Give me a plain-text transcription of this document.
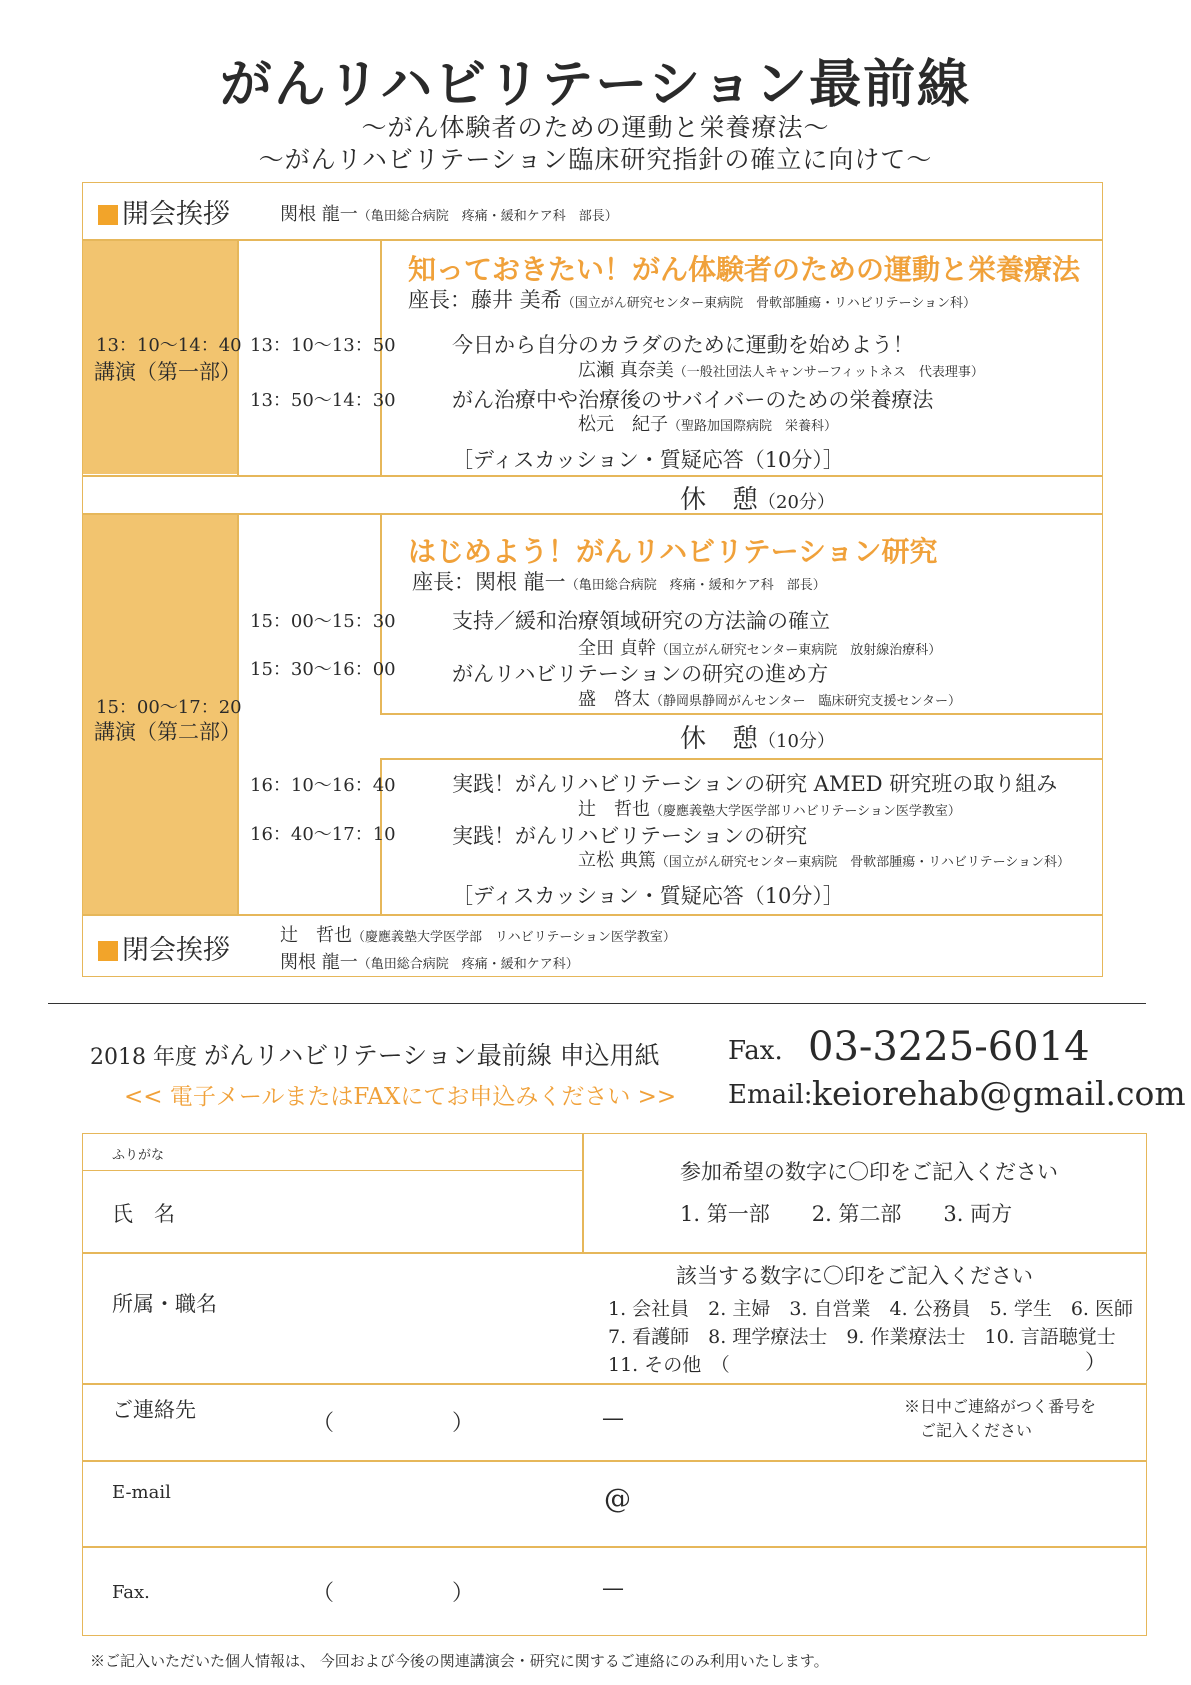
がんリハビリテーション最前線
〜がん体験者のための運動と栄養療法〜
〜がんリハビリテーション臨床研究指針の確立に向けて〜
開会挨拶	関根 龍一（亀田総合病院　疼痛・緩和ケア科　部長）
13：10〜14：40
講演（第一部）
知っておきたい！がん体験者のための運動と栄養療法
座長：藤井 美希（国立がん研究センター東病院　骨軟部腫瘍・リハビリテーション科）
13：10〜13：50	今日から自分のカラダのために運動を始めよう！
広瀬 真奈美（一般社団法人キャンサーフィットネス　代表理事）
13：50〜14：30	がん治療中や治療後のサバイバーのための栄養療法
松元　紀子（聖路加国際病院　栄養科）
［ディスカッション・質疑応答（10分）］
休　憩（20分）
15：00〜17：20
講演（第二部）
はじめよう！がんリハビリテーション研究
座長：関根 龍一（亀田総合病院　疼痛・緩和ケア科　部長）
15：00〜15：30	支持／緩和治療領域研究の方法論の確立
全田 貞幹（国立がん研究センター東病院　放射線治療科）
15：30〜16：00	がんリハビリテーションの研究の進め方
盛　啓太（静岡県静岡がんセンター　臨床研究支援センター）
休　憩（10分）
16：10〜16：40	実践！がんリハビリテーションの研究 AMED 研究班の取り組み
辻　哲也（慶應義塾大学医学部リハビリテーション医学教室）
16：40〜17：10	実践！がんリハビリテーションの研究
立松 典篤（国立がん研究センター東病院　骨軟部腫瘍・リハビリテーション科）
［ディスカッション・質疑応答（10分）］
閉会挨拶	辻　哲也（慶應義塾大学医学部　リハビリテーション医学教室）
関根 龍一（亀田総合病院　疼痛・緩和ケア科）
2018 年度 がんリハビリテーション最前線 申込用紙
<< 電子メールまたはFAXにてお申込みください >>
Fax. 03-3225-6014
Email: keiorehab@gmail.com
ふりがな
氏　名
参加希望の数字に〇印をご記入ください
1. 第一部　　2. 第二部　　3. 両方
所属・職名
該当する数字に〇印をご記入ください
1. 会社員　2. 主婦　3. 自営業　4. 公務員　5. 学生　6. 医師
7. 看護師　8. 理学療法士　9. 作業療法士　10. 言語聴覚士
11. その他　（	）
ご連絡先
（	）	—	※日中ご連絡がつく番号を
ご記入ください
E-mail	@
Fax.	（	）	—
※ご記入いただいた個人情報は、 今回および今後の関連講演会・研究に関するご連絡にのみ利用いたします。
